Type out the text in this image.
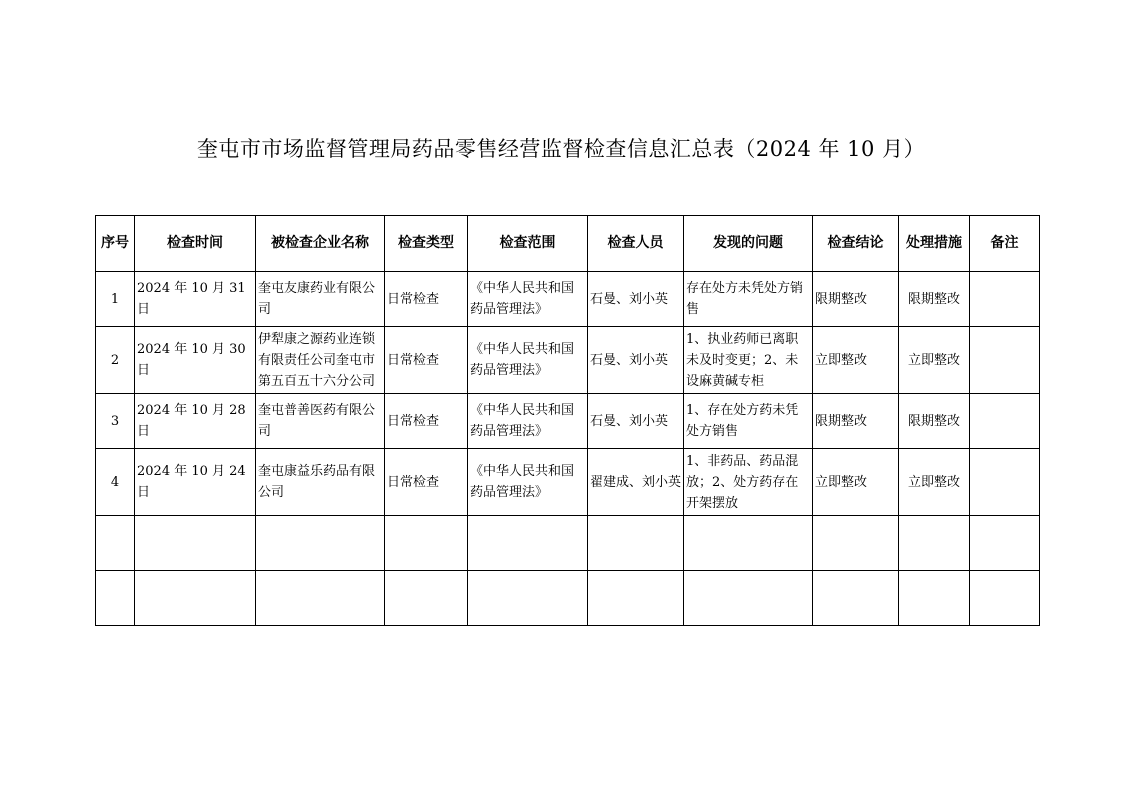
奎屯市市场监督管理局药品零售经营监督检查信息汇总表（2024 年 10 月）
序号	检查时间	被检查企业名称	检查类型	检查范围	检查人员	发现的问题	检查结论	处理措施	备注
1	2024 年 10 月 31 日	奎屯友康药业有限公司	日常检查	《中华人民共和国药品管理法》	石曼、刘小英	存在处方未凭处方销售	限期整改	限期整改	
2	2024 年 10 月 30 日	伊犁康之源药业连锁有限责任公司奎屯市第五百五十六分公司	日常检查	《中华人民共和国药品管理法》	石曼、刘小英	1、执业药师已离职未及时变更；2、未设麻黄碱专柜	立即整改	立即整改	
3	2024 年 10 月 28 日	奎屯普善医药有限公司	日常检查	《中华人民共和国药品管理法》	石曼、刘小英	1、存在处方药未凭处方销售	限期整改	限期整改	
4	2024 年 10 月 24 日	奎屯康益乐药品有限公司	日常检查	《中华人民共和国药品管理法》	翟建成、刘小英	1、非药品、药品混放；2、处方药存在开架摆放	立即整改	立即整改	
